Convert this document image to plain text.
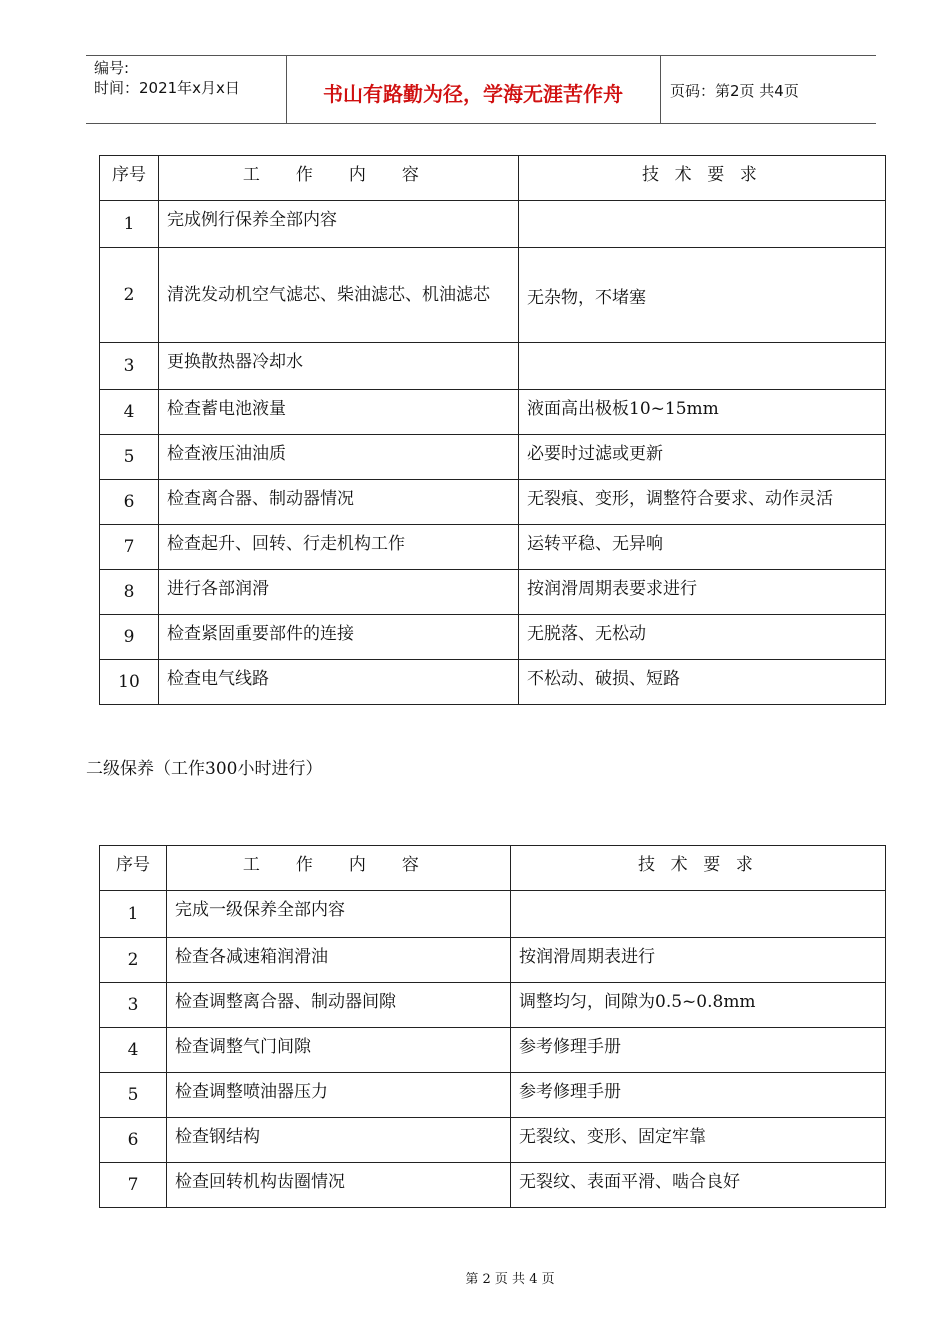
编号:
时间：2021年x月x日	书山有路勤为径，学海无涯苦作舟	页码：第2页 共4页
序号	工 作 内 容	技 术 要 求
1	完成例行保养全部内容	
2	清洗发动机空气滤芯、柴油滤芯、机油滤芯	无杂物，不堵塞
3	更换散热器冷却水	
4	检查蓄电池液量	液面高出极板10~15mm
5	检查液压油油质	必要时过滤或更新
6	检查离合器、制动器情况	无裂痕、变形，调整符合要求、动作灵活
7	检查起升、回转、行走机构工作	运转平稳、无异响
8	进行各部润滑	按润滑周期表要求进行
9	检查紧固重要部件的连接	无脱落、无松动
10	检查电气线路	不松动、破损、短路
二级保养（工作300小时进行）
序号	工 作 内 容	技 术 要 求
1	完成一级保养全部内容	
2	检查各减速箱润滑油	按润滑周期表进行
3	检查调整离合器、制动器间隙	调整均匀，间隙为0.5~0.8mm
4	检查调整气门间隙	参考修理手册
5	检查调整喷油器压力	参考修理手册
6	检查钢结构	无裂纹、变形、固定牢靠
7	检查回转机构齿圈情况	无裂纹、表面平滑、啮合良好
第 2 页 共 4 页
